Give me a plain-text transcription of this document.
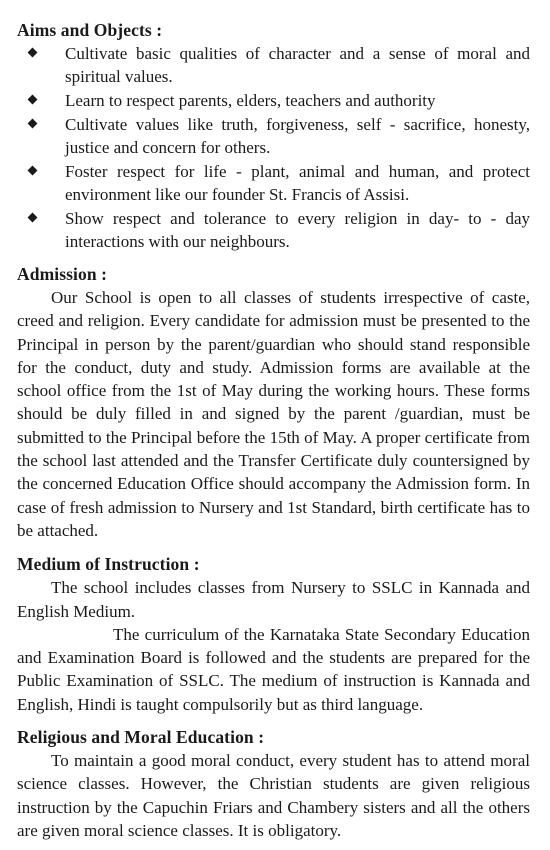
Aims and Objects :
Cultivate basic qualities of character and a sense of moral and spiritual values.
Learn to respect parents, elders, teachers and authority
Cultivate values like truth, forgiveness, self - sacrifice, honesty, justice and concern for others.
Foster respect for life - plant, animal and human, and protect environment like our founder St. Francis of Assisi.
Show respect and tolerance to every religion in day- to - day interactions with our neighbours.
Admission :

Our School is open to all classes of students irrespective of caste, creed and religion. Every candidate for admission must be presented to the Principal in person by the parent/guardian who should stand responsible for the conduct, duty and study. Admission forms are available at the school office from the 1st of May during the working hours. These forms should be duly filled in and signed by the parent /guardian, must be submitted to the Principal before the 15th of May. A proper certificate from the school last attended and the Transfer Certificate duly countersigned by the concerned Education Office should accompany the Admission form. In case of fresh admission to Nursery and 1st Standard, birth certificate has to be attached.

Medium of Instruction :

The school includes classes from Nursery to SSLC in Kannada and English Medium.

The curriculum of the Karnataka State Secondary Education and Examination Board is followed and the students are prepared for the Public Examination of SSLC. The medium of instruction is Kannada and English, Hindi is taught compulsorily but as third language.

Religious and Moral Education :

To maintain a good moral conduct, every student has to attend moral science classes. However, the Christian students are given religious instruction by the Capuchin Friars and Chambery sisters and all the others are given moral science classes. It is obligatory.
